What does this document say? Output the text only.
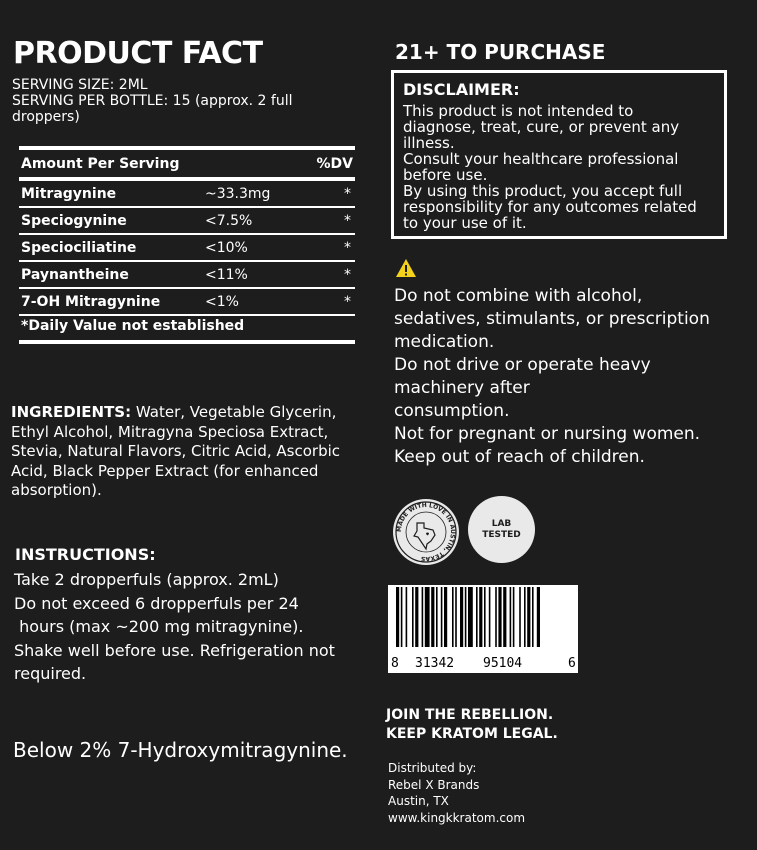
PRODUCT FACT
SERVING SIZE: 2ML
SERVING PER BOTTLE: 15 (approx. 2 full
droppers)
Amount Per Serving	%DV
Mitragynine	~33.3mg	*
Speciogynine	<7.5%	*
Speciociliatine	<10%	*
Paynantheine	<11%	*
7-OH Mitragynine	<1%	*
*Daily Value not established
INGREDIENTS: Water, Vegetable Glycerin, Ethyl Alcohol, Mitragyna Speciosa Extract, Stevia, Natural Flavors, Citric Acid, Ascorbic Acid, Black Pepper Extract (for enhanced absorption).
INSTRUCTIONS:
Take 2 dropperfuls (approx. 2mL)
Do not exceed 6 dropperfuls per 24
hours (max ~200 mg mitragynine).
Shake well before use. Refrigeration not
required.
Below 2% 7-Hydroxymitragynine.
21+ TO PURCHASE
DISCLAIMER:
This product is not intended to
diagnose, treat, cure, or prevent any
illness.
Consult your healthcare professional
before use.
By using this product, you accept full
responsibility for any outcomes related
to your use of it.
Do not combine with alcohol,
sedatives, stimulants, or prescription
medication.
Do not drive or operate heavy
machinery after
consumption.
Not for pregnant or nursing women.
Keep out of reach of children.
MADE WITH LOVE IN AUSTIN, TEXAS
LAB
TESTED
8 31342 95104	6
JOIN THE REBELLION.
KEEP KRATOM LEGAL.
Distributed by:
Rebel X Brands
Austin, TX
www.kingkkratom.com
